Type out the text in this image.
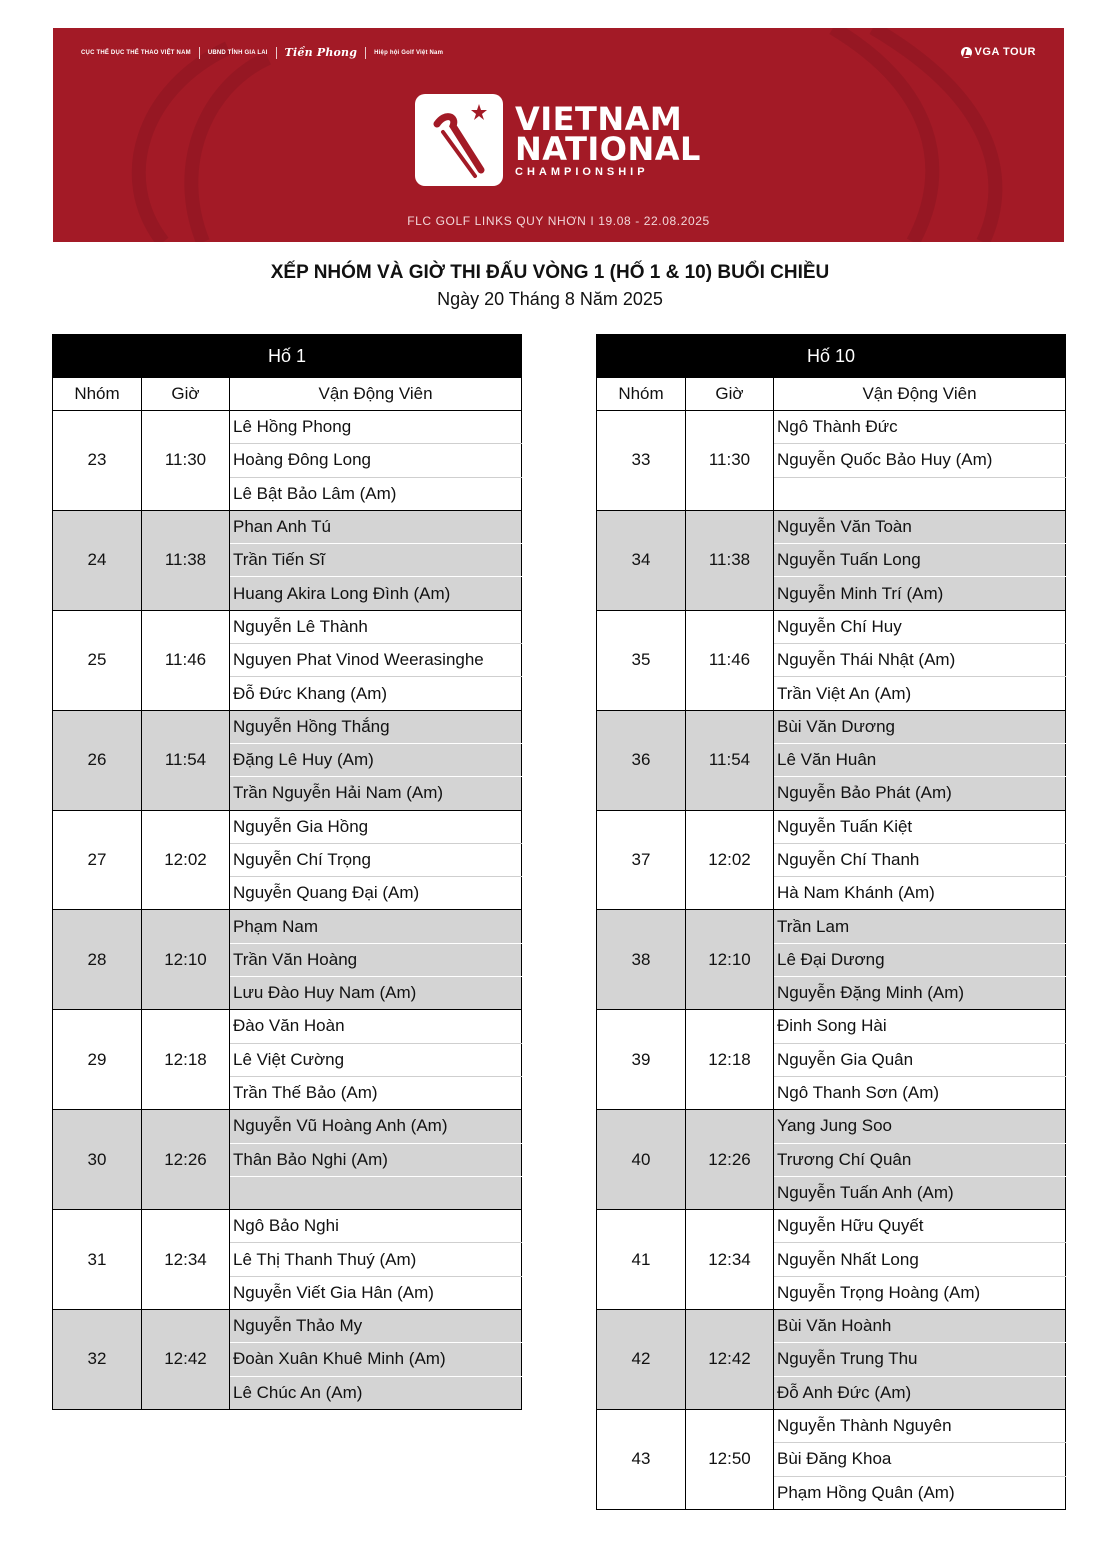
CỤC THỂ DỤC THỂ THAO VIỆT NAM	UBND TỈNH GIA LAI Tiền Phong	Hiệp hội Golf Việt Nam	VGA TOUR
VIETNAM
NATIONAL
CHAMPIONSHIP
FLC GOLF LINKS QUY NHƠN I 19.08 - 22.08.2025
XẾP NHÓM VÀ GIỜ THI ĐẤU VÒNG 1 (HỐ 1 & 10) BUỔI CHIỀU
Ngày 20 Tháng 8 Năm 2025
Hố 1		
Nhóm	Giờ	Vận Động Viên
23	11:30	Lê Hồng Phong
		Hoàng Đông Long
		Lê Bật Bảo Lâm (Am)
24	11:38	Phan Anh Tú
		Trần Tiến Sĩ
		Huang Akira Long Đình (Am)
25	11:46	Nguyễn Lê Thành
		Nguyen Phat Vinod Weerasinghe
		Đỗ Đức Khang (Am)
26	11:54	Nguyễn Hồng Thắng
		Đặng Lê Huy (Am)
		Trần Nguyễn Hải Nam (Am)
27	12:02	Nguyễn Gia Hồng
		Nguyễn Chí Trọng
		Nguyễn Quang Đại (Am)
28	12:10	Phạm Nam
		Trần Văn Hoàng
		Lưu Đào Huy Nam (Am)
29	12:18	Đào Văn Hoàn
		Lê Việt Cường
		Trần Thế Bảo (Am)
30	12:26	Nguyễn Vũ Hoàng Anh (Am)
		Thân Bảo Nghi (Am)

31	12:34	Ngô Bảo Nghi
		Lê Thị Thanh Thuý (Am)
		Nguyễn Viết Gia Hân (Am)
32	12:42	Nguyễn Thảo My
		Đoàn Xuân Khuê Minh (Am)
		Lê Chúc An (Am)
Hố 10		
Nhóm	Giờ	Vận Động Viên
33	11:30	Ngô Thành Đức
		Nguyễn Quốc Bảo Huy (Am)

34	11:38	Nguyễn Văn Toàn
		Nguyễn Tuấn Long
		Nguyễn Minh Trí (Am)
35	11:46	Nguyễn Chí Huy
		Nguyễn Thái Nhật (Am)
		Trần Việt An (Am)
36	11:54	Bùi Văn Dương
		Lê Văn Huân
		Nguyễn Bảo Phát (Am)
37	12:02	Nguyễn Tuấn Kiệt
		Nguyễn Chí Thanh
		Hà Nam Khánh (Am)
38	12:10	Trần Lam
		Lê Đại Dương
		Nguyễn Đặng Minh (Am)
39	12:18	Đinh Song Hài
		Nguyễn Gia Quân
		Ngô Thanh Sơn (Am)
40	12:26	Yang Jung Soo
		Trương Chí Quân
		Nguyễn Tuấn Anh (Am)
41	12:34	Nguyễn Hữu Quyết
		Nguyễn Nhất Long
		Nguyễn Trọng Hoàng (Am)
42	12:42	Bùi Văn Hoành
		Nguyễn Trung Thu
		Đỗ Anh Đức (Am)
43	12:50	Nguyễn Thành Nguyên
		Bùi Đăng Khoa
		Phạm Hồng Quân (Am)
